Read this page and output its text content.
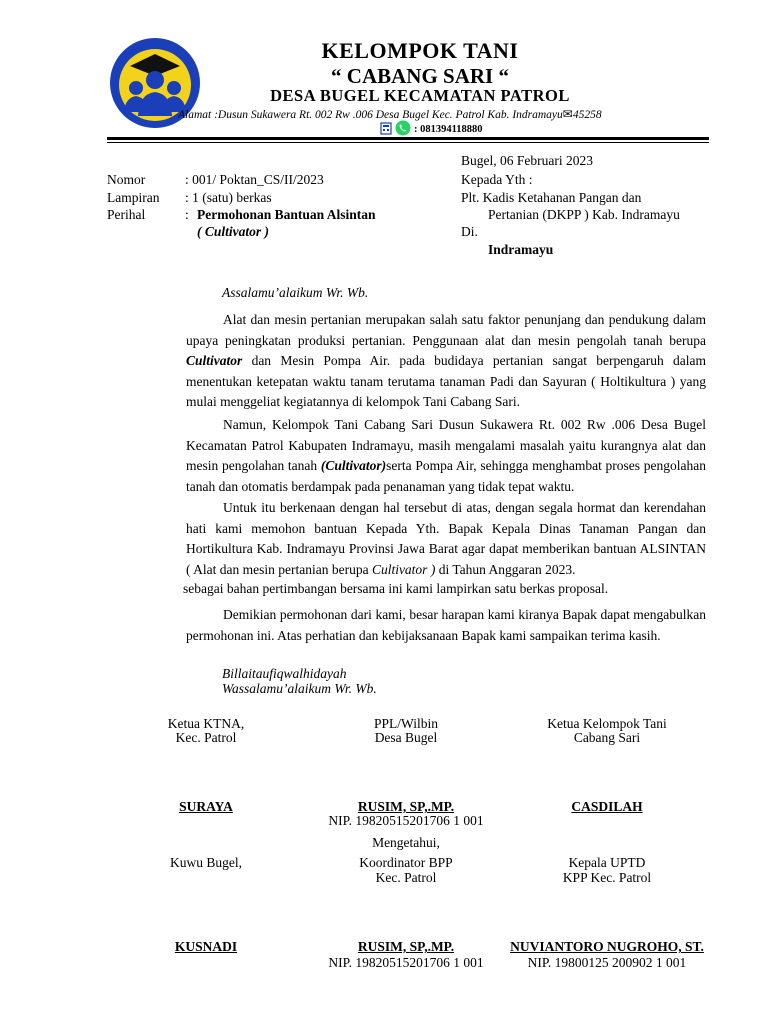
KELOMPOK TANI
“ CABANG SARI “
DESA BUGEL KECAMATAN PATROL
Alamat :Dusun Sukawera Rt. 002 Rw .006 Desa Bugel Kec. Patrol Kab. Indramayu✉45258
: 081394118880
Bugel, 06 Februari 2023
Nomor	: 001/ Poktan_CS/II/2023
Lampiran : 1 (satu) berkas
Perihal	: Permohonan Bantuan Alsintan
( Cultivator )
Kepada Yth :
Plt. Kadis Ketahanan Pangan dan
Pertanian (DKPP ) Kab. Indramayu
Di.
Indramayu
Assalamu’alaikum Wr. Wb.
Alat dan mesin pertanian merupakan salah satu faktor penunjang dan pendukung dalam upaya peningkatan produksi pertanian. Penggunaan alat dan mesin pengolah tanah berupa Cultivator dan Mesin Pompa Air. pada budidaya pertanian sangat berpengaruh dalam menentukan ketepatan waktu tanam terutama tanaman Padi dan Sayuran ( Holtikultura ) yang mulai menggeliat kegiatannya di kelompok Tani Cabang Sari.
Namun, Kelompok Tani Cabang Sari Dusun Sukawera Rt. 002 Rw .006 Desa Bugel Kecamatan Patrol Kabupaten Indramayu, masih mengalami masalah yaitu kurangnya alat dan mesin pengolahan tanah (Cultivator)serta Pompa Air, sehingga menghambat proses pengolahan tanah dan otomatis berdampak pada penanaman yang tidak tepat waktu.
Untuk itu berkenaan dengan hal tersebut di atas, dengan segala hormat dan kerendahan hati kami memohon bantuan Kepada Yth. Bapak Kepala Dinas Tanaman Pangan dan Hortikultura Kab. Indramayu Provinsi Jawa Barat agar dapat memberikan bantuan ALSINTAN ( Alat dan mesin pertanian berupa Cultivator ) di Tahun Anggaran 2023.
sebagai bahan pertimbangan bersama ini kami lampirkan satu berkas proposal.
Demikian permohonan dari kami, besar harapan kami kiranya Bapak dapat mengabulkan permohonan ini. Atas perhatian dan kebijaksanaan Bapak kami sampaikan terima kasih.
Billaitaufiqwalhidayah
Wassalamu’alaikum Wr. Wb.
Ketua KTNA,
Kec. Patrol
SURAYA
PPL/Wilbin
Desa Bugel
RUSIM, SP,.MP.
NIP. 19820515201706 1 001
Ketua Kelompok Tani
Cabang Sari
CASDILAH
Mengetahui,
Kuwu Bugel,
KUSNADI
Koordinator BPP
Kec. Patrol
RUSIM, SP,.MP.
NIP. 19820515201706 1 001
Kepala UPTD
KPP Kec. Patrol
NUVIANTORO NUGROHO, ST.
NIP. 19800125 200902 1 001
